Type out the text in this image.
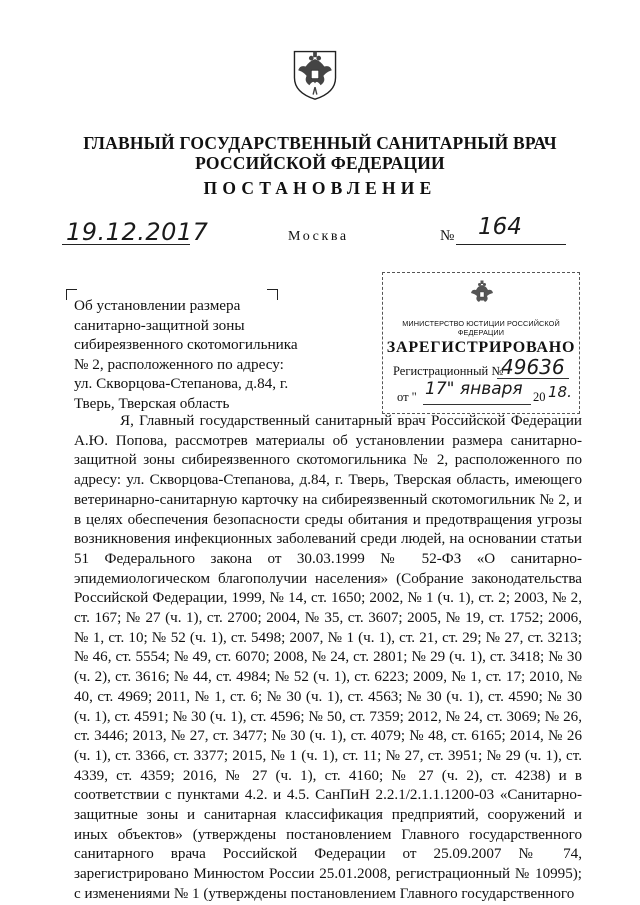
ГЛАВНЫЙ ГОСУДАРСТВЕННЫЙ САНИТАРНЫЙ ВРАЧ
РОССИЙСКОЙ ФЕДЕРАЦИИ
ПОСТАНОВЛЕНИЕ
19.12.2017	Москва	№ 164
Об установлении размера санитарно-защитной зоны сибиреязвенного скотомогильника № 2, расположенного по адресу: ул. Скворцова-Степанова, д.84, г. Тверь, Тверская область
МИНИСТЕРСТВО ЮСТИЦИИ РОССИЙСКОЙ ФЕДЕРАЦИИ
ЗАРЕГИСТРИРОВАНО
Регистрационный №
49636
от " 17" января 20 18.
Я, Главный государственный санитарный врач Российской Федерации А.Ю. Попова, рассмотрев материалы об установлении размера санитарно-защитной зоны сибиреязвенного скотомогильника № 2, расположенного по адресу: ул. Скворцова-Степанова, д.84, г. Тверь, Тверская область, имеющего ветеринарно-санитарную карточку на сибиреязвенный скотомогильник № 2, и в целях обеспечения безопасности среды обитания и предотвращения угрозы возникновения инфекционных заболеваний среди людей, на основании статьи 51 Федерального закона от 30.03.1999 № 52-ФЗ «О санитарно-эпидемиологическом благополучии населения» (Собрание законодательства Российской Федерации, 1999, № 14, ст. 1650; 2002, № 1 (ч. 1), ст. 2; 2003, № 2, ст. 167; № 27 (ч. 1), ст. 2700; 2004, № 35, ст. 3607; 2005, № 19, ст. 1752; 2006, № 1, ст. 10; № 52 (ч. 1), ст. 5498; 2007, № 1 (ч. 1), ст. 21, ст. 29; № 27, ст. 3213; № 46, ст. 5554; № 49, ст. 6070; 2008, № 24, ст. 2801; № 29 (ч. 1), ст. 3418; № 30 (ч. 2), ст. 3616; № 44, ст. 4984; № 52 (ч. 1), ст. 6223; 2009, № 1, ст. 17; 2010, № 40, ст. 4969; 2011, № 1, ст. 6; № 30 (ч. 1), ст. 4563; № 30 (ч. 1), ст. 4590; № 30 (ч. 1), ст. 4591; № 30 (ч. 1), ст. 4596; № 50, ст. 7359; 2012, № 24, ст. 3069; № 26, ст. 3446; 2013, № 27, ст. 3477; № 30 (ч. 1), ст. 4079; № 48, ст. 6165; 2014, № 26 (ч. 1), ст. 3366, ст. 3377; 2015, № 1 (ч. 1), ст. 11; № 27, ст. 3951; № 29 (ч. 1), ст. 4339, ст. 4359; 2016, № 27 (ч. 1), ст. 4160; № 27 (ч. 2), ст. 4238) и в соответствии с пунктами 4.2. и 4.5. СанПиН 2.2.1/2.1.1.1200-03 «Санитарно-защитные зоны и санитарная классификация предприятий, сооружений и иных объектов» (утверждены постановлением Главного государственного санитарного врача Российской Федерации от 25.09.2007 № 74, зарегистрировано Минюстом России 25.01.2008, регистрационный № 10995); с изменениями № 1 (утверждены постановлением Главного государственного
